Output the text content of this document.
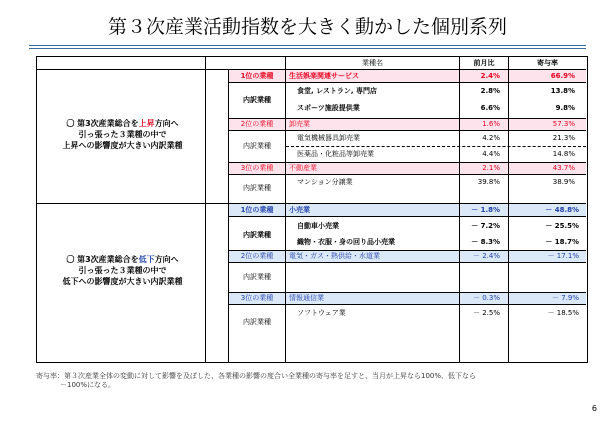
第３次産業活動指数を大きく動かした個別系列
業種名	前月比	寄与率
〇 第3次産業総合を上昇方向へ
引っ張った３業種の中で
上昇への影響度が大きい内訳業種
1位の業種	生活娯楽関連サービス	2.4%	66.9%
内訳業種
食堂, レストラン, 専門店	2.8%	13.8%
スポーツ施設提供業	6.6%	9.8%
2位の業種	卸売業	1.6%	57.3%
内訳業種
電気機械器具卸売業	4.2%	21.3%
医薬品・化粧品等卸売業	4.4%	14.8%
3位の業種	不動産業	2.1%	43.7%
内訳業種
マンション分譲業	39.8%	38.9%
〇 第3次産業総合を低下方向へ
引っ張った３業種の中で
低下への影響度が大きい内訳業種
1位の業種	小売業	－ 1.8%	－ 48.8%
内訳業種
自動車小売業	－ 7.2%	－ 25.5%
織物・衣服・身の回り品小売業	－ 8.3%	－ 18.7%
2位の業種	電気・ガス・熱供給・水道業	－ 2.4%	－ 17.1%
内訳業種
3位の業種	情報通信業	－ 0.3%	－ 7.9%
内訳業種
ソフトウェア業	－ 2.5%	－ 18.5%
寄与率：第３次産業全体の変動に対して影響を及ぼした、各業種の影響の度合い全業種の寄与率を足すと、当月が上昇なら100%、低下なら
－100%になる。
6
